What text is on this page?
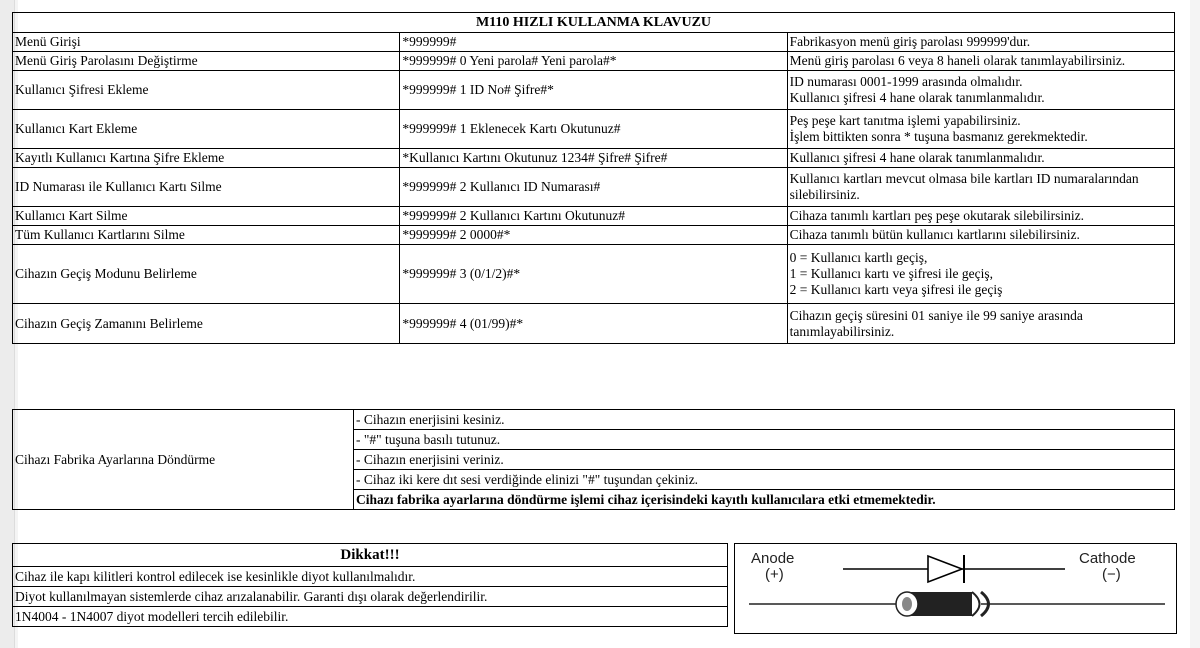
M110 HIZLI KULLANMA KLAVUZU		
Menü Girişi	*999999#	Fabrikasyon menü giriş parolası 999999'dur.
Menü Giriş Parolasını Değiştirme	*999999# 0 Yeni parola# Yeni parola#*	Menü giriş parolası 6 veya 8 haneli olarak tanımlayabilirsiniz.
Kullanıcı Şifresi Ekleme	*999999# 1 ID No# Şifre#*	ID numarası 0001-1999 arasında olmalıdır.
Kullanıcı şifresi 4 hane olarak tanımlanmalıdır.

Kullanıcı Kart Ekleme	*999999# 1 Eklenecek Kartı Okutunuz#	Peş peşe kart tanıtma işlemi yapabilirsiniz.
İşlem bittikten sonra * tuşuna basmanız gerekmektedir.

Kayıtlı Kullanıcı Kartına Şifre Ekleme	*Kullanıcı Kartını Okutunuz 1234# Şifre# Şifre#	Kullanıcı şifresi 4 hane olarak tanımlanmalıdır.
ID Numarası ile Kullanıcı Kartı Silme	*999999# 2 Kullanıcı ID Numarası#	Kullanıcı kartları mevcut olmasa bile kartları ID numaralarından
silebilirsiniz.

Kullanıcı Kart Silme	*999999# 2 Kullanıcı Kartını Okutunuz#	Cihaza tanımlı kartları peş peşe okutarak silebilirsiniz.
Tüm Kullanıcı Kartlarını Silme	*999999# 2 0000#*	Cihaza tanımlı bütün kullanıcı kartlarını silebilirsiniz.
Cihazın Geçiş Modunu Belirleme	*999999# 3 (0/1/2)#*	0 = Kullanıcı kartlı geçiş,
1 = Kullanıcı kartı ve şifresi ile geçiş,
2 = Kullanıcı kartı veya şifresi ile geçiş

Cihazın Geçiş Zamanını Belirleme	*999999# 4 (01/99)#*	Cihazın geçiş süresini 01 saniye ile 99 saniye arasında
tanımlayabilirsiniz.
Cihazı Fabrika Ayarlarına Döndürme	- Cihazın enerjisini kesiniz.
- "#" tuşuna basılı tutunuz.
- Cihazın enerjisini veriniz.
- Cihaz iki kere dıt sesi verdiğinde elinizi "#" tuşundan çekiniz.
Cihazı fabrika ayarlarına döndürme işlemi cihaz içerisindeki kayıtlı kullanıcılara etki etmemektedir.
Dikkat!!!
Cihaz ile kapı kilitleri kontrol edilecek ise kesinlikle diyot kullanılmalıdır.
Diyot kullanılmayan sistemlerde cihaz arızalanabilir. Garanti dışı olarak değerlendirilir.
1N4004 - 1N4007 diyot modelleri tercih edilebilir.
Anode
(+)
Cathode
(−)
